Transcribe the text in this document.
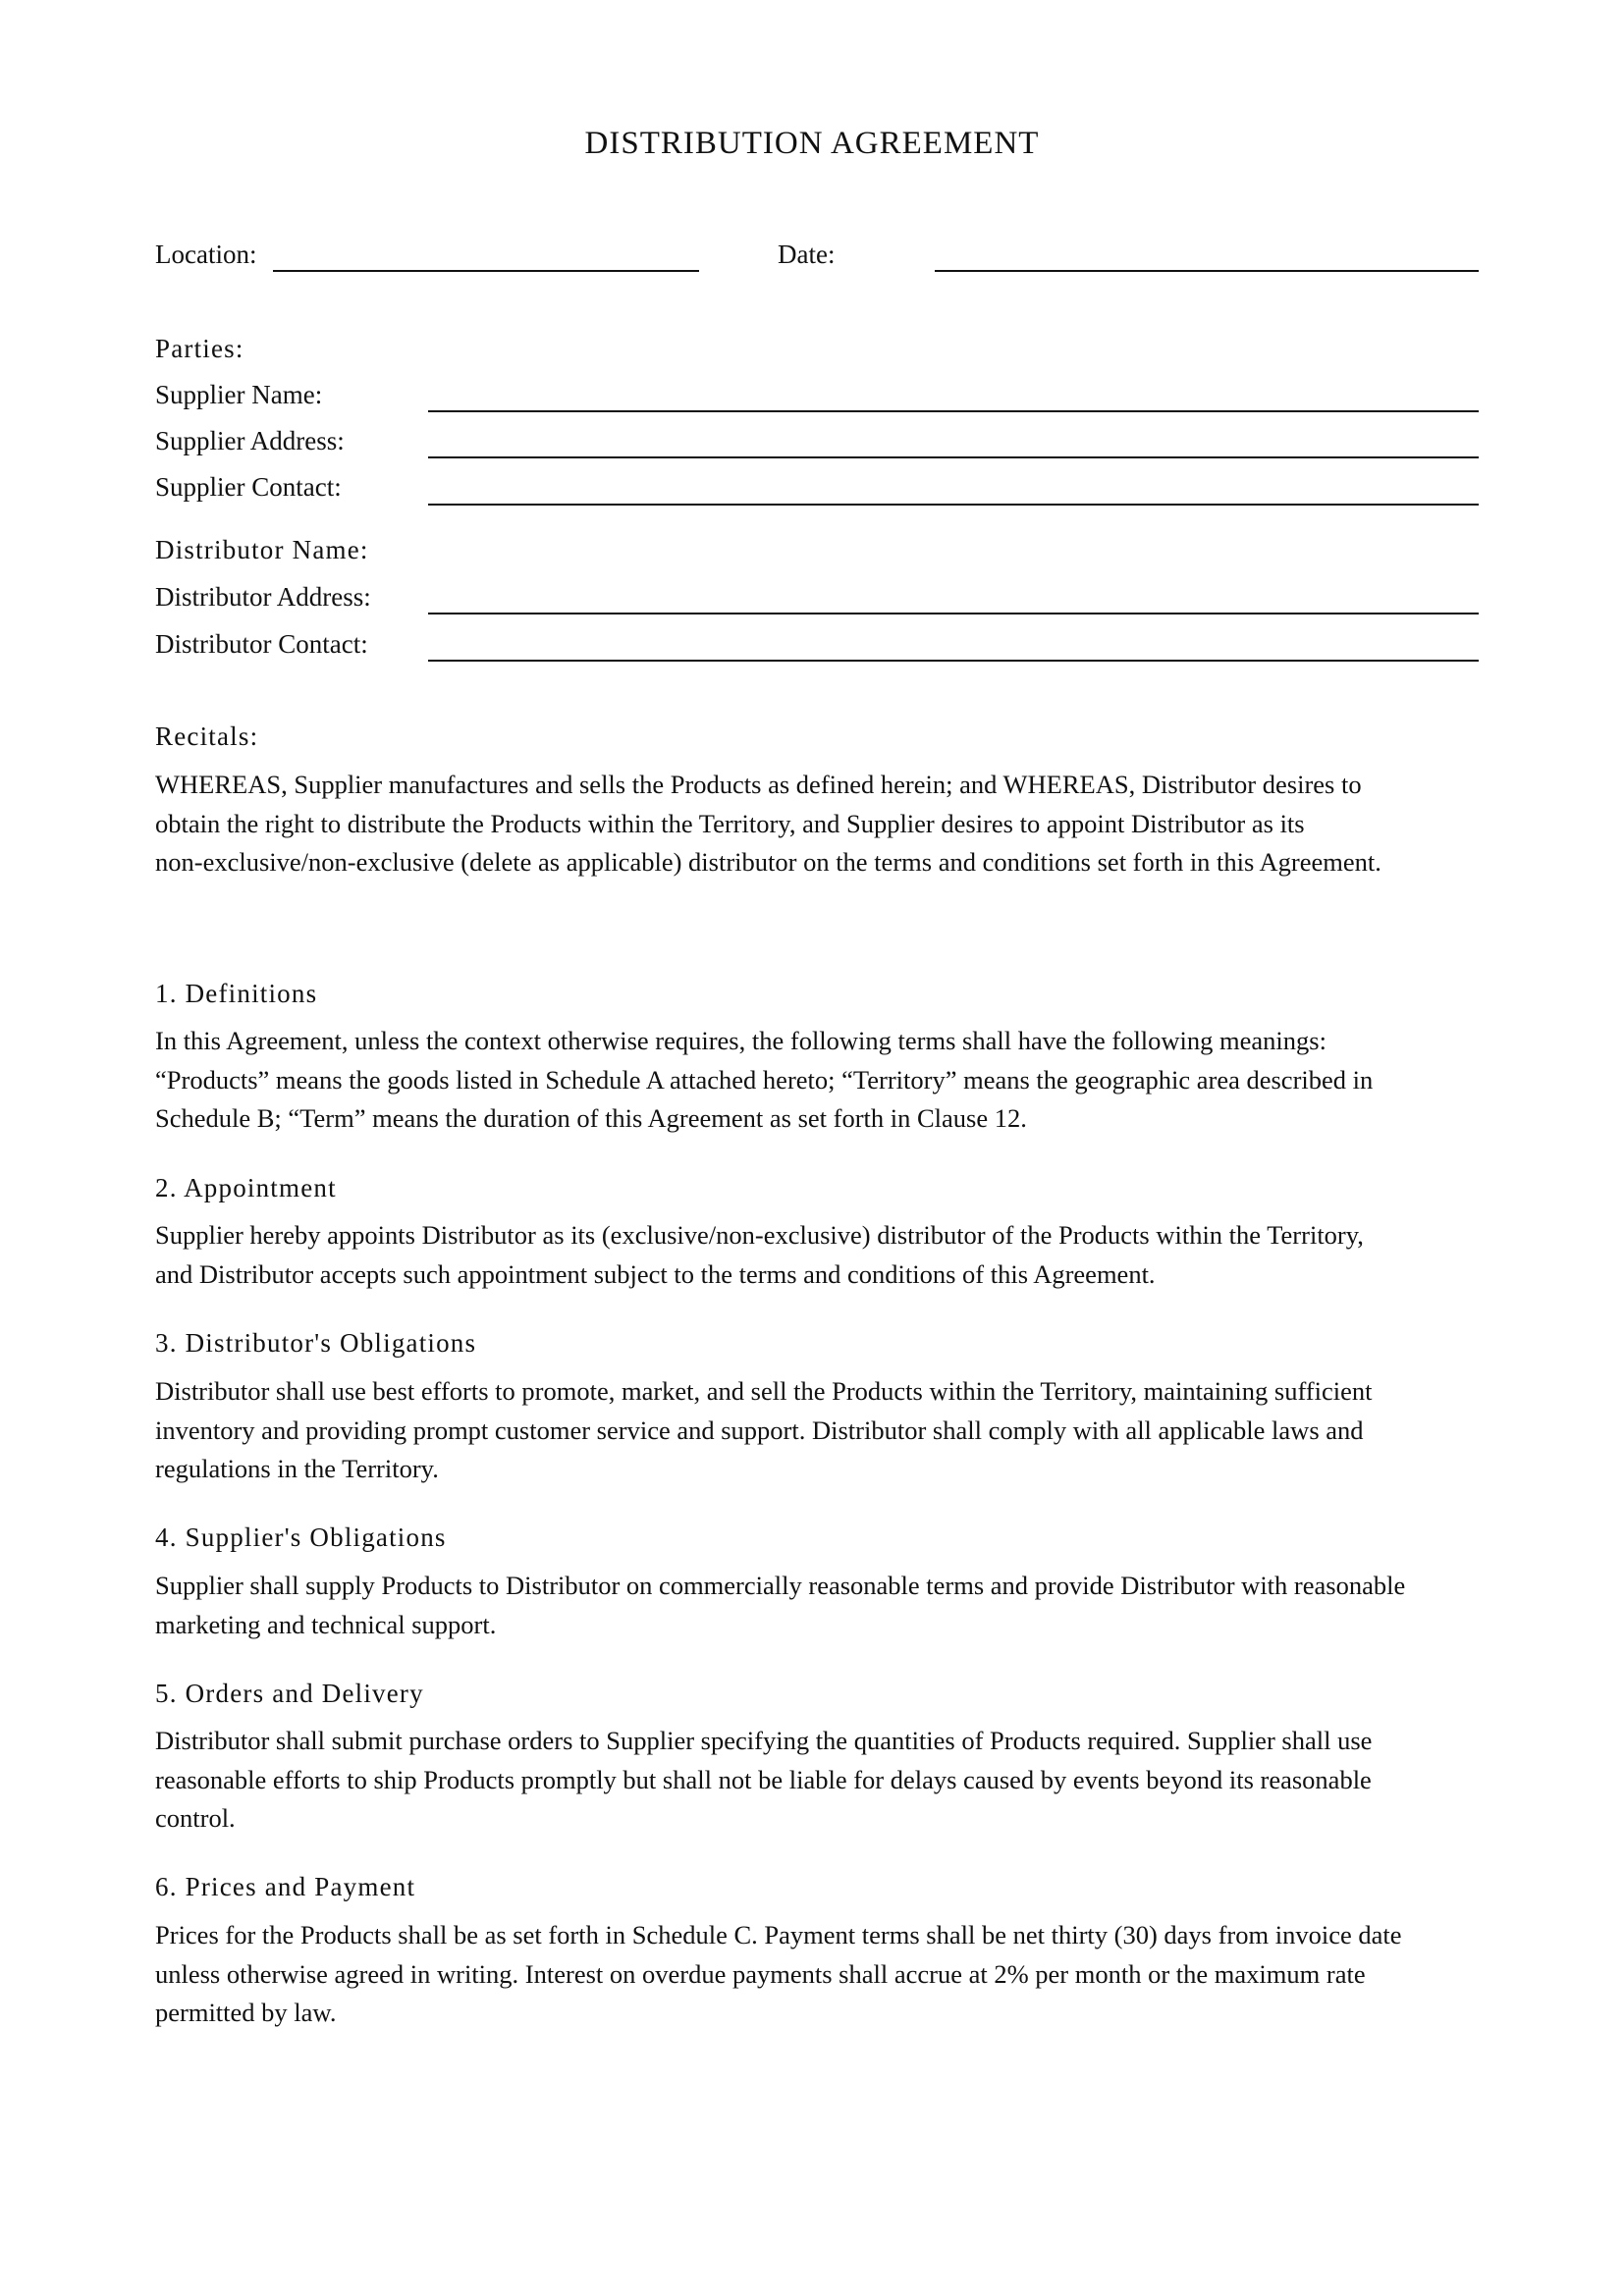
DISTRIBUTION AGREEMENT
Location:	Date:
Parties:
Supplier Name:
Supplier Address:
Supplier Contact:
Distributor Name:
Distributor Address:
Distributor Contact:
Recitals:
WHEREAS, Supplier manufactures and sells the Products as defined herein; and WHEREAS, Distributor desires to
obtain the right to distribute the Products within the Territory, and Supplier desires to appoint Distributor as its
non-exclusive/non-exclusive (delete as applicable) distributor on the terms and conditions set forth in this Agreement.
1. Definitions
In this Agreement, unless the context otherwise requires, the following terms shall have the following meanings:
“Products” means the goods listed in Schedule A attached hereto; “Territory” means the geographic area described in
Schedule B; “Term” means the duration of this Agreement as set forth in Clause 12.
2. Appointment
Supplier hereby appoints Distributor as its (exclusive/non-exclusive) distributor of the Products within the Territory,
and Distributor accepts such appointment subject to the terms and conditions of this Agreement.
3. Distributor's Obligations
Distributor shall use best efforts to promote, market, and sell the Products within the Territory, maintaining sufficient
inventory and providing prompt customer service and support. Distributor shall comply with all applicable laws and
regulations in the Territory.
4. Supplier's Obligations
Supplier shall supply Products to Distributor on commercially reasonable terms and provide Distributor with reasonable
marketing and technical support.
5. Orders and Delivery
Distributor shall submit purchase orders to Supplier specifying the quantities of Products required. Supplier shall use
reasonable efforts to ship Products promptly but shall not be liable for delays caused by events beyond its reasonable
control.
6. Prices and Payment
Prices for the Products shall be as set forth in Schedule C. Payment terms shall be net thirty (30) days from invoice date
unless otherwise agreed in writing. Interest on overdue payments shall accrue at 2% per month or the maximum rate
permitted by law.
